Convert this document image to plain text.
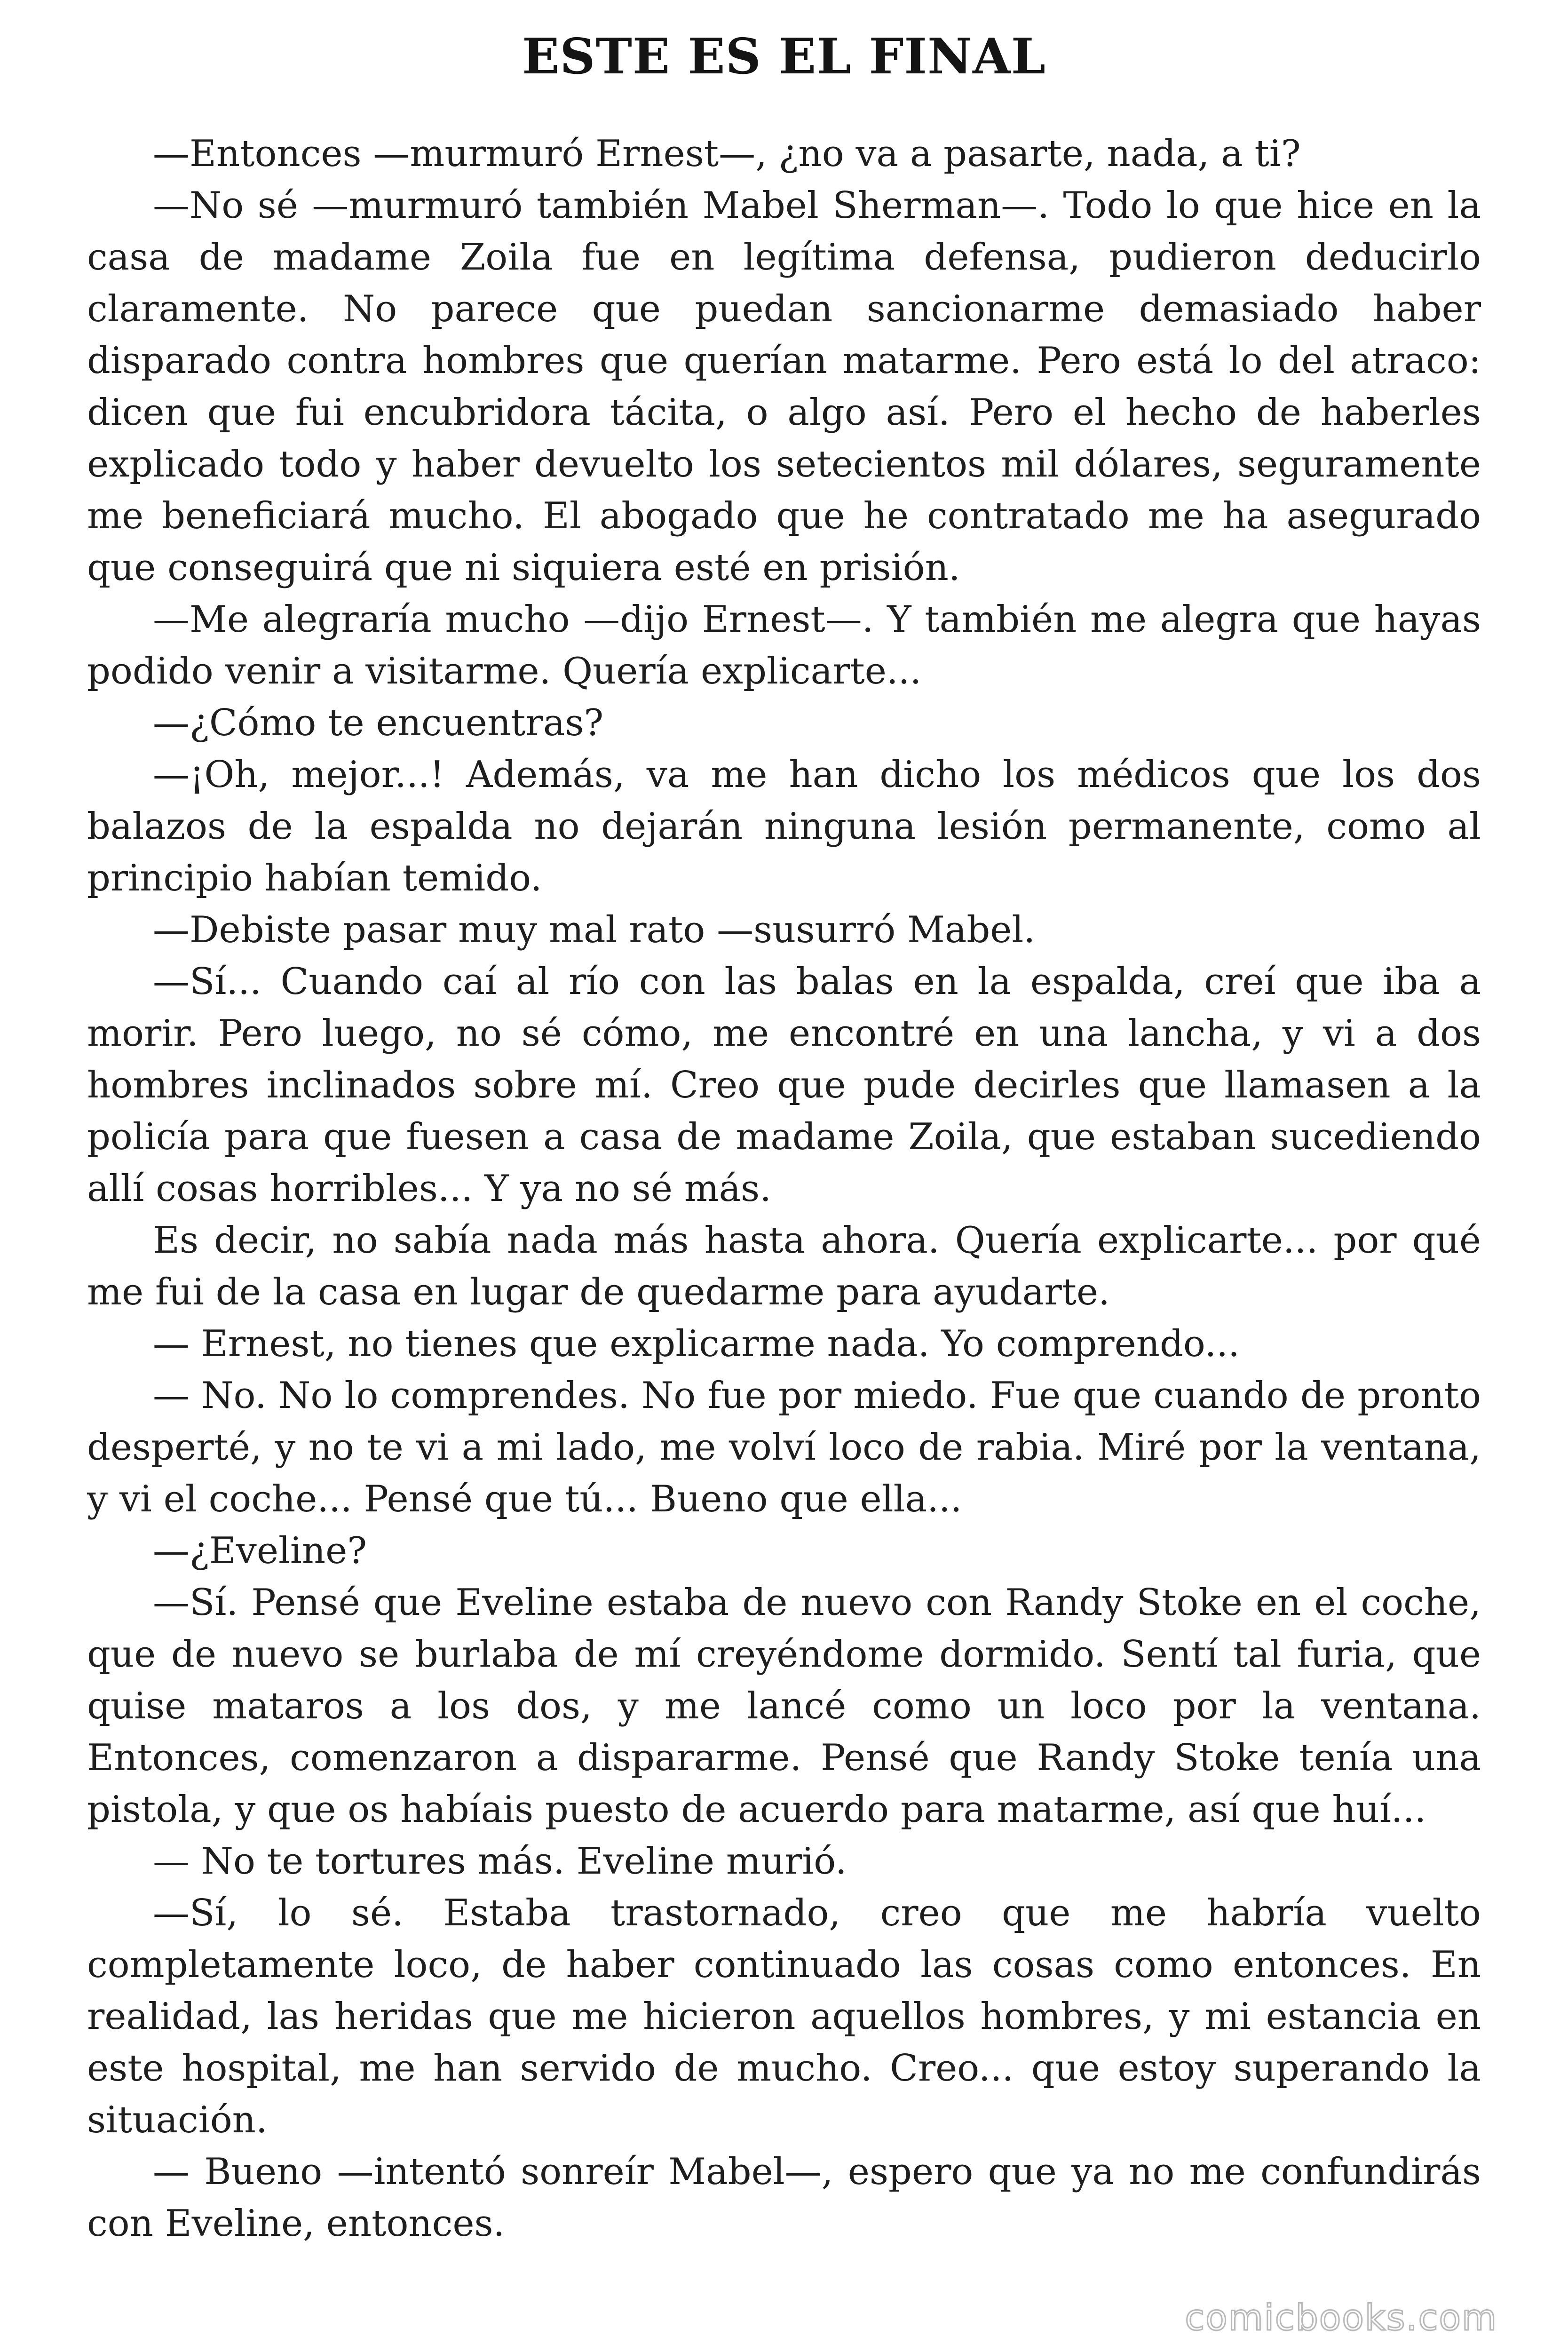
ESTE ES EL FINAL

—Entonces —murmuró Ernest—, ¿no va a pasarte, nada, a ti?

—No sé —murmuró también Mabel Sherman—. Todo lo que hice en la casa de madame Zoila fue en legítima defensa, pudieron deducirlo claramente. No parece que puedan sancionarme demasiado haber disparado contra hombres que querían matarme. Pero está lo del atraco: dicen que fui encubridora tácita, o algo así. Pero el hecho de haberles explicado todo y haber devuelto los setecientos mil dólares, seguramente me beneficiará mucho. El abogado que he contratado me ha asegurado que conseguirá que ni siquiera esté en prisión.

—Me alegraría mucho —dijo Ernest—. Y también me alegra que hayas podido venir a visitarme. Quería explicarte...

—¿Cómo te encuentras?

—¡Oh, mejor...! Además, va me han dicho los médicos que los dos balazos de la espalda no dejarán ninguna lesión permanente, como al principio habían temido.

—Debiste pasar muy mal rato —susurró Mabel.

—Sí... Cuando caí al río con las balas en la espalda, creí que iba a morir. Pero luego, no sé cómo, me encontré en una lancha, y vi a dos hombres inclinados sobre mí. Creo que pude decirles que llamasen a la policía para que fuesen a casa de madame Zoila, que estaban sucediendo allí cosas horribles... Y ya no sé más.

Es decir, no sabía nada más hasta ahora. Quería explicarte... por qué me fui de la casa en lugar de quedarme para ayudarte.

— Ernest, no tienes que explicarme nada. Yo comprendo...

— No. No lo comprendes. No fue por miedo. Fue que cuando de pronto desperté, y no te vi a mi lado, me volví loco de rabia. Miré por la ventana, y vi el coche... Pensé que tú... Bueno que ella...

—¿Eveline?

—Sí. Pensé que Eveline estaba de nuevo con Randy Stoke en el coche, que de nuevo se burlaba de mí creyéndome dormido. Sentí tal furia, que quise mataros a los dos, y me lancé como un loco por la ventana. Entonces, comenzaron a dispararme. Pensé que Randy Stoke tenía una pistola, y que os habíais puesto de acuerdo para matarme, así que huí...

— No te tortures más. Eveline murió.

—Sí, lo sé. Estaba trastornado, creo que me habría vuelto completamente loco, de haber continuado las cosas como entonces. En realidad, las heridas que me hicieron aquellos hombres, y mi estancia en este hospital, me han servido de mucho. Creo... que estoy superando la situación.

— Bueno —intentó sonreír Mabel—, espero que ya no me confundirás con Eveline, entonces.

comicbooks.com
